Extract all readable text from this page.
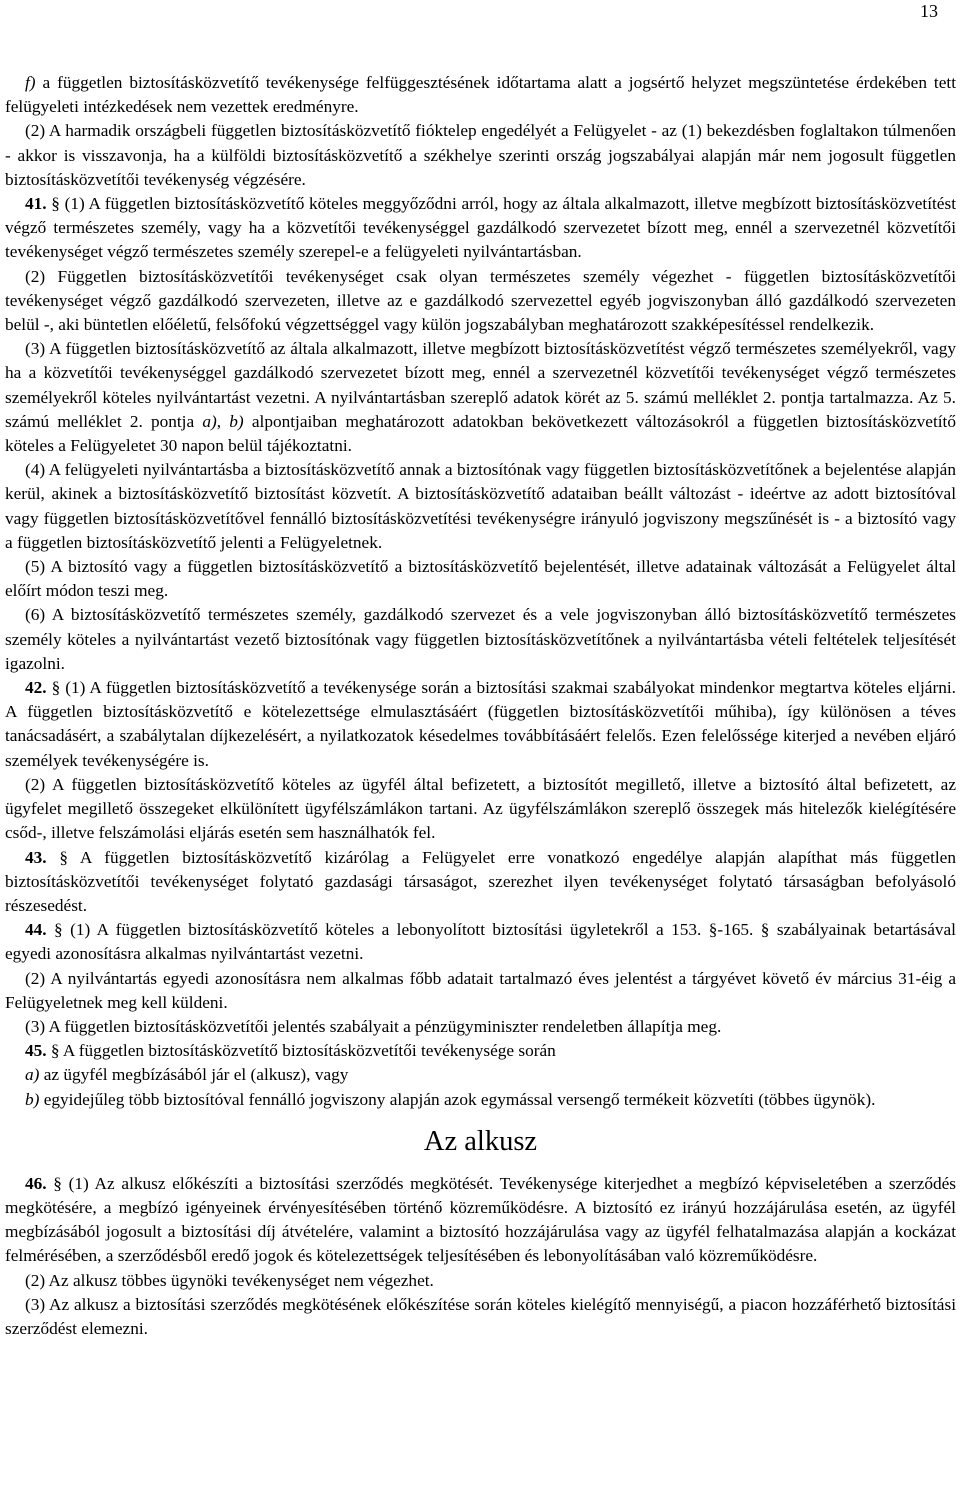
13

f) a független biztosításközvetítő tevékenysége felfüggesztésének időtartama alatt a jogsértő helyzet megszüntetése érdekében tett felügyeleti intézkedések nem vezettek eredményre.

(2) A harmadik országbeli független biztosításközvetítő fióktelep engedélyét a Felügyelet - az (1) bekezdésben foglaltakon túlmenően - akkor is visszavonja, ha a külföldi biztosításközvetítő a székhelye szerinti ország jogszabályai alapján már nem jogosult független biztosításközvetítői tevékenység végzésére.

41. § (1) A független biztosításközvetítő köteles meggyőződni arról, hogy az általa alkalmazott, illetve megbízott biztosításközvetítést végző természetes személy, vagy ha a közvetítői tevékenységgel gazdálkodó szervezetet bízott meg, ennél a szervezetnél közvetítői tevékenységet végző természetes személy szerepel-e a felügyeleti nyilvántartásban.

(2) Független biztosításközvetítői tevékenységet csak olyan természetes személy végezhet - független biztosításközvetítői tevékenységet végző gazdálkodó szervezeten, illetve az e gazdálkodó szervezettel egyéb jogviszonyban álló gazdálkodó szervezeten belül -, aki büntetlen előéletű, felsőfokú végzettséggel vagy külön jogszabályban meghatározott szakképesítéssel rendelkezik.

(3) A független biztosításközvetítő az általa alkalmazott, illetve megbízott biztosításközvetítést végző természetes személyekről, vagy ha a közvetítői tevékenységgel gazdálkodó szervezetet bízott meg, ennél a szervezetnél közvetítői tevékenységet végző természetes személyekről köteles nyilvántartást vezetni. A nyilvántartásban szereplő adatok körét az 5. számú melléklet 2. pontja tartalmazza. Az 5. számú melléklet 2. pontja a), b) alpontjaiban meghatározott adatokban bekövetkezett változásokról a független biztosításközvetítő köteles a Felügyeletet 30 napon belül tájékoztatni.

(4) A felügyeleti nyilvántartásba a biztosításközvetítő annak a biztosítónak vagy független biztosításközvetítőnek a bejelentése alapján kerül, akinek a biztosításközvetítő biztosítást közvetít. A biztosításközvetítő adataiban beállt változást - ideértve az adott biztosítóval vagy független biztosításközvetítővel fennálló biztosításközvetítési tevékenységre irányuló jogviszony megszűnését is - a biztosító vagy a független biztosításközvetítő jelenti a Felügyeletnek.

(5) A biztosító vagy a független biztosításközvetítő a biztosításközvetítő bejelentését, illetve adatainak változását a Felügyelet által előírt módon teszi meg.

(6) A biztosításközvetítő természetes személy, gazdálkodó szervezet és a vele jogviszonyban álló biztosításközvetítő természetes személy köteles a nyilvántartást vezető biztosítónak vagy független biztosításközvetítőnek a nyilvántartásba vételi feltételek teljesítését igazolni.

42. § (1) A független biztosításközvetítő a tevékenysége során a biztosítási szakmai szabályokat mindenkor megtartva köteles eljárni. A független biztosításközvetítő e kötelezettsége elmulasztásáért (független biztosításközvetítői műhiba), így különösen a téves tanácsadásért, a szabálytalan díjkezelésért, a nyilatkozatok késedelmes továbbításáért felelős. Ezen felelőssége kiterjed a nevében eljáró személyek tevékenységére is.

(2) A független biztosításközvetítő köteles az ügyfél által befizetett, a biztosítót megillető, illetve a biztosító által befizetett, az ügyfelet megillető összegeket elkülönített ügyfélszámlákon tartani. Az ügyfélszámlákon szereplő összegek más hitelezők kielégítésére csőd-, illetve felszámolási eljárás esetén sem használhatók fel.

43. § A független biztosításközvetítő kizárólag a Felügyelet erre vonatkozó engedélye alapján alapíthat más független biztosításközvetítői tevékenységet folytató gazdasági társaságot, szerezhet ilyen tevékenységet folytató társaságban befolyásoló részesedést.

44. § (1) A független biztosításközvetítő köteles a lebonyolított biztosítási ügyletekről a 153. §-165. § szabályainak betartásával egyedi azonosításra alkalmas nyilvántartást vezetni.

(2) A nyilvántartás egyedi azonosításra nem alkalmas főbb adatait tartalmazó éves jelentést a tárgyévet követő év március 31-éig a Felügyeletnek meg kell küldeni.

(3) A független biztosításközvetítői jelentés szabályait a pénzügyminiszter rendeletben állapítja meg.

45. § A független biztosításközvetítő biztosításközvetítői tevékenysége során

a) az ügyfél megbízásából jár el (alkusz), vagy

b) egyidejűleg több biztosítóval fennálló jogviszony alapján azok egymással versengő termékeit közvetíti (többes ügynök).

Az alkusz

46. § (1) Az alkusz előkészíti a biztosítási szerződés megkötését. Tevékenysége kiterjedhet a megbízó képviseletében a szerződés megkötésére, a megbízó igényeinek érvényesítésében történő közreműködésre. A biztosító ez irányú hozzájárulása esetén, az ügyfél megbízásából jogosult a biztosítási díj átvételére, valamint a biztosító hozzájárulása vagy az ügyfél felhatalmazása alapján a kockázat felmérésében, a szerződésből eredő jogok és kötelezettségek teljesítésében és lebonyolításában való közreműködésre.

(2) Az alkusz többes ügynöki tevékenységet nem végezhet.

(3) Az alkusz a biztosítási szerződés megkötésének előkészítése során köteles kielégítő mennyiségű, a piacon hozzáférhető biztosítási szerződést elemezni.
